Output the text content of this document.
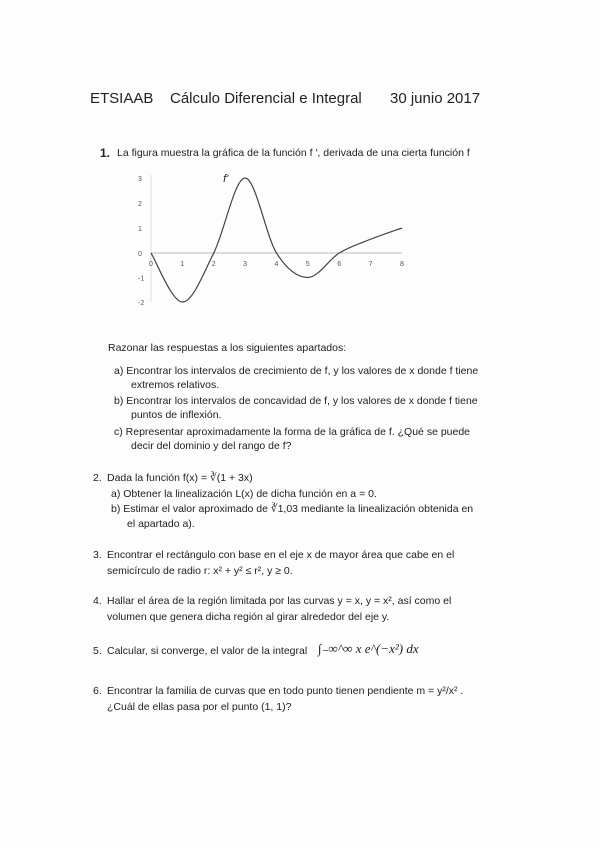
ETSIAAB Cálculo Diferencial e Integral 30 junio 2017
1. La figura muestra la gráfica de la función f ′, derivada de una cierta función f
0	1	2	3	4	5	6	7	8
3
2
1
0
-1
-2
f'
Razonar las respuestas a los siguientes apartados:
a) Encontrar los intervalos de crecimiento de f, y los valores de x donde f tiene
extremos relativos.
b) Encontrar los intervalos de concavidad de f, y los valores de x donde f tiene
puntos de inflexión.
c) Representar aproximadamente la forma de la gráfica de f. ¿Qué se puede
decir del dominio y del rango de f?
2. Dada la función f(x) = ∛(1 + 3x)
a) Obtener la linealización L(x) de dicha función en a = 0.
b) Estimar el valor aproximado de ∛1,03 mediante la linealización obtenida en
el apartado a).
3. Encontrar el rectángulo con base en el eje x de mayor área que cabe en el
semicírculo de radio r: x² + y² ≤ r², y ≥ 0.
4. Hallar el área de la región limitada por las curvas y = x, y = x², así como el
volumen que genera dicha región al girar alrededor del eje y.
5. Calcular, si converge, el valor de la integral ∫₋∞^∞ x e^(−x²) dx
6. Encontrar la familia de curvas que en todo punto tienen pendiente m = y²/x² .
¿Cuál de ellas pasa por el punto (1, 1)?
